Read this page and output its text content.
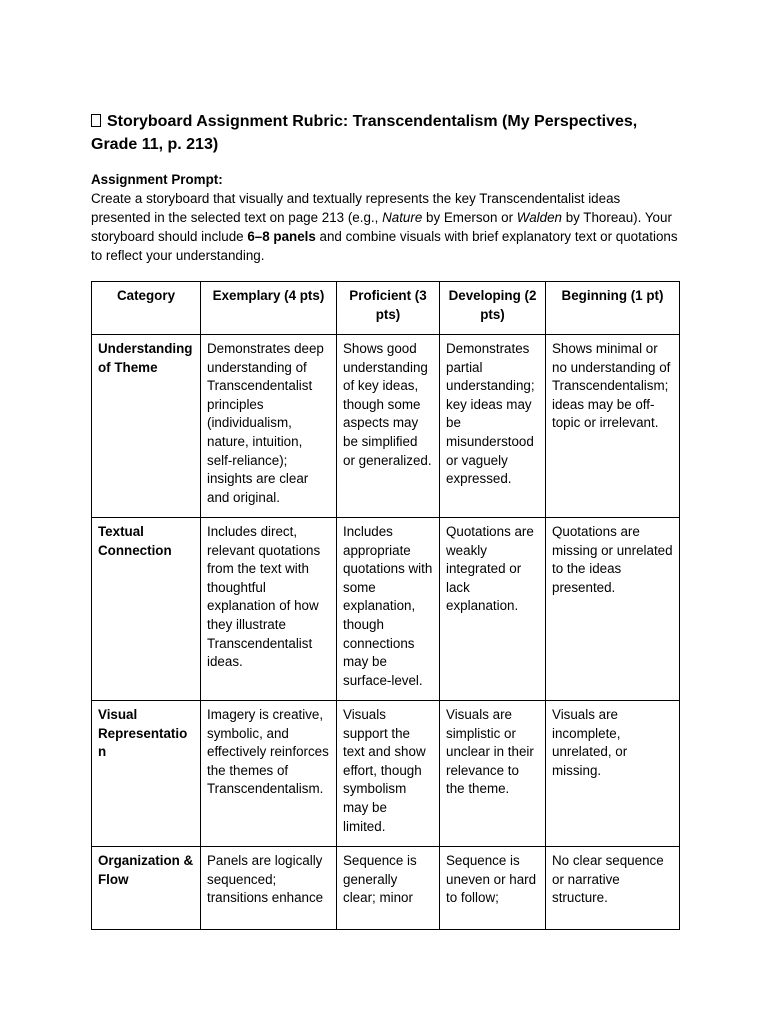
Storyboard Assignment Rubric: Transcendentalism (My Perspectives, Grade 11, p. 213)
Assignment Prompt:
Create a storyboard that visually and textually represents the key Transcendentalist ideas presented in the selected text on page 213 (e.g., Nature by Emerson or Walden by Thoreau). Your storyboard should include 6–8 panels and combine visuals with brief explanatory text or quotations to reflect your understanding.
Category	Exemplary (4 pts)	Proficient (3 pts)	Developing (2 pts)	Beginning (1 pt)
Understanding of Theme	Demonstrates deep understanding of Transcendentalist principles (individualism, nature, intuition, self-reliance); insights are clear and original.	Shows good understanding of key ideas, though some aspects may be simplified or generalized.	Demonstrates partial understanding; key ideas may be misunderstood or vaguely expressed.	Shows minimal or no understanding of Transcendentalism; ideas may be off-topic or irrelevant.
Textual Connection	Includes direct, relevant quotations from the text with thoughtful explanation of how they illustrate Transcendentalist ideas.	Includes appropriate quotations with some explanation, though connections may be surface-level.	Quotations are weakly integrated or lack explanation.	Quotations are missing or unrelated to the ideas presented.
Visual Representation	Imagery is creative, symbolic, and effectively reinforces the themes of Transcendentalism.	Visuals support the text and show effort, though symbolism may be limited.	Visuals are simplistic or unclear in their relevance to the theme.	Visuals are incomplete, unrelated, or missing.
Organization & Flow	Panels are logically sequenced; transitions enhance	Sequence is generally clear; minor	Sequence is uneven or hard to follow;	No clear sequence or narrative structure.
